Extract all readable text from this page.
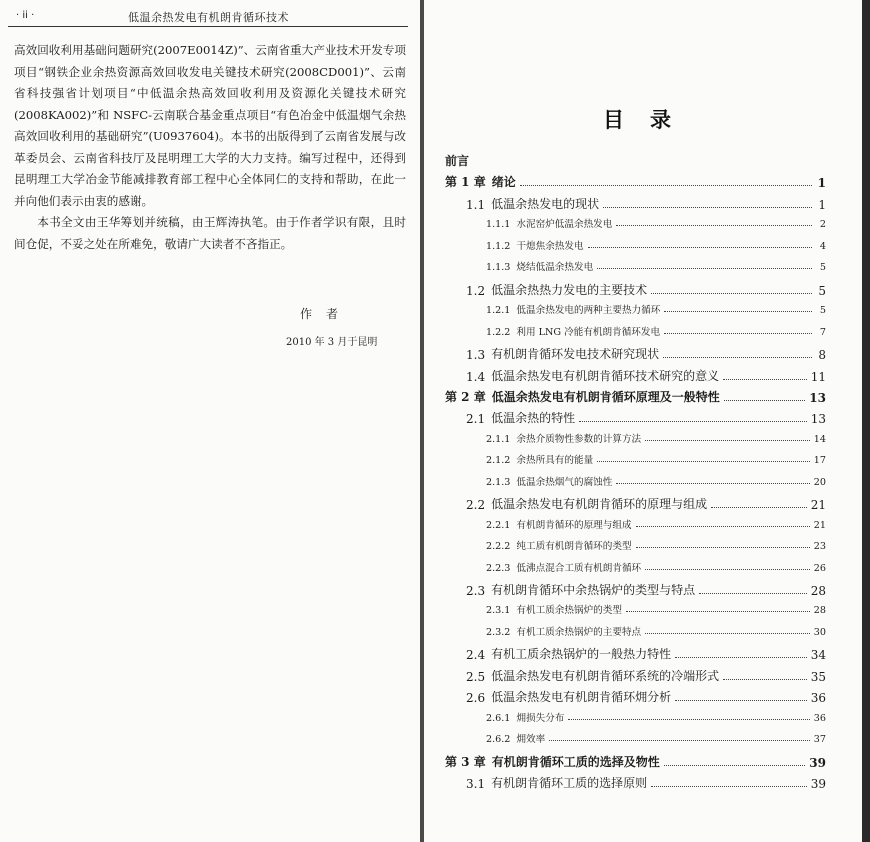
· ii ·	低温余热发电有机朗肯循环技术

高效回收利用基础问题研究(2007E0014Z)”、云南省重大产业技术开发专项项目“钢铁企业余热资源高效回收发电关键技术研究(2008CD001)”、云南省科技强省计划项目“中低温余热高效回收利用及资源化关键技术研究(2008KA002)”和 NSFC-云南联合基金重点项目“有色冶金中低温烟气余热高效回收利用的基础研究”(U0937604)。本书的出版得到了云南省发展与改革委员会、云南省科技厅及昆明理工大学的大力支持。编写过程中，还得到昆明理工大学冶金节能减排教育部工程中心全体同仁的支持和帮助，在此一并向他们表示由衷的感谢。

本书全文由王华筹划并统稿，由王辉涛执笔。由于作者学识有限，且时间仓促，不妥之处在所难免，敬请广大读者不吝指正。

作者
2010 年 3 月于昆明
目录
前言
第 1 章 绪论	1
1.1 低温余热发电的现状	1
1.1.1 水泥窑炉低温余热发电	2
1.1.2 干熄焦余热发电	4
1.1.3 烧结低温余热发电	5
1.2 低温余热热力发电的主要技术	5
1.2.1 低温余热发电的两种主要热力循环	5
1.2.2 利用 LNG 冷能有机朗肯循环发电	7
1.3 有机朗肯循环发电技术研究现状	8
1.4 低温余热发电有机朗肯循环技术研究的意义	11
第 2 章 低温余热发电有机朗肯循环原理及一般特性	13
2.1 低温余热的特性	13
2.1.1 余热介质物性参数的计算方法	14
2.1.2 余热所具有的能量	17
2.1.3 低温余热烟气的腐蚀性	20
2.2 低温余热发电有机朗肯循环的原理与组成	21
2.2.1 有机朗肯循环的原理与组成	21
2.2.2 纯工质有机朗肯循环的类型	23
2.2.3 低沸点混合工质有机朗肯循环	26
2.3 有机朗肯循环中余热锅炉的类型与特点	28
2.3.1 有机工质余热锅炉的类型	28
2.3.2 有机工质余热锅炉的主要特点	30
2.4 有机工质余热锅炉的一般热力特性	34
2.5 低温余热发电有机朗肯循环系统的冷端形式	35
2.6 低温余热发电有机朗肯循环㶲分析	36
2.6.1 㶲损失分布	36
2.6.2 㶲效率	37
第 3 章 有机朗肯循环工质的选择及物性	39
3.1 有机朗肯循环工质的选择原则	39
